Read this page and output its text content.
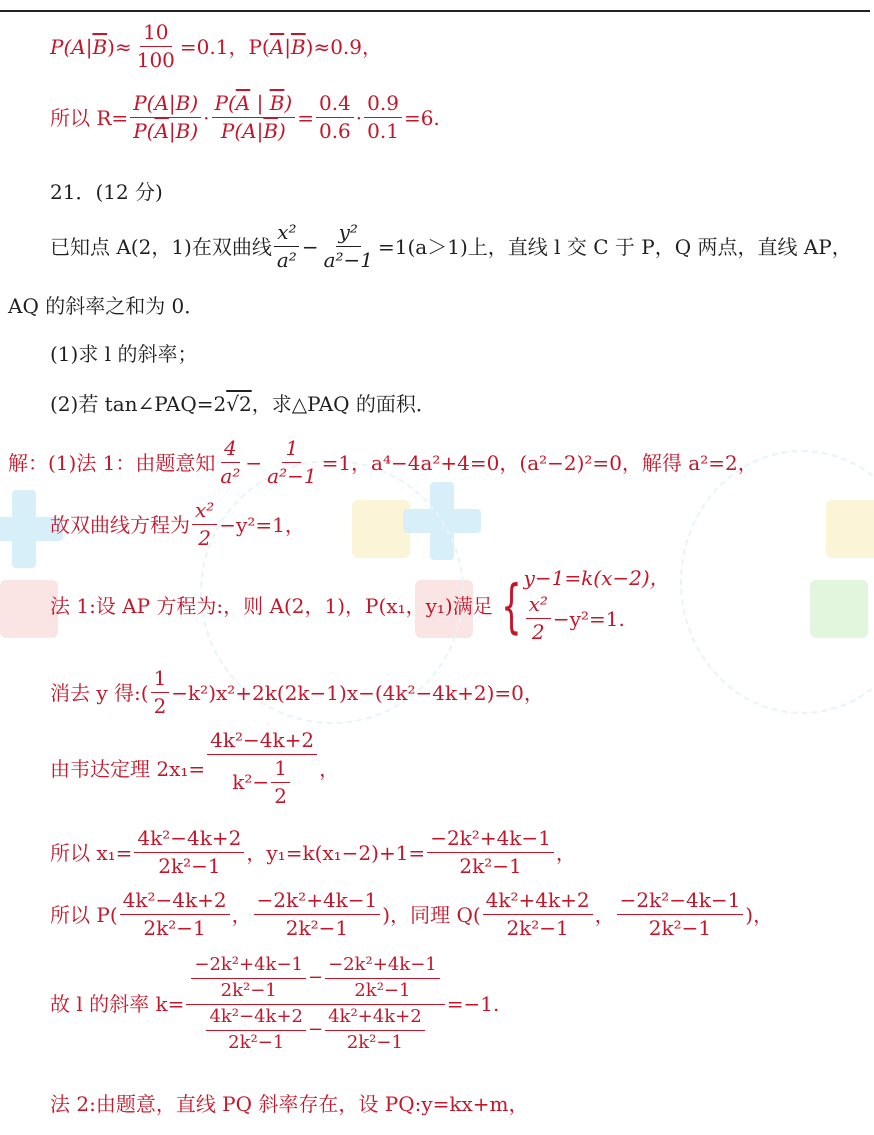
P(A| $\overline{B}$ )≈ $\frac{10}{100} =0.1$，P( $\overline{A}$ | $\overline{B}$ )≈0.9，
所以 $R= \frac{P(A|B)}{P(\overline{A}|B)} \cdot \frac{P(\overline{A} | \overline{B})}{P(A|\overline{B})} = \frac{0.4}{0.6} \cdot \frac{0.9}{0.1} =6$.
21．(12 分)
已知点 A(2，1)在双曲线 $\frac{\text{x²}}{\text{a²}} - \frac{\text{y²}}{\text{a²−1}} =1(a>1)$上，直线 l 交 C 于 P，Q 两点，直线 AP，
AQ 的斜率之和为 0．
(1)求 l 的斜率；
(2)若 tan∠PAQ=2 √2 ，求△PAQ 的面积．
解：(1)法 1：由题意知 $\frac{4}{\text{a²}} - \frac{1}{\text{a²−1}} =1$，a⁴−4a²+4=0，(a²−2)²=0，解得 a²=2，
故双曲线方程为 $\frac{\text{x²}}{2} -y^2=1$，
法 1:设 AP 方程为:，则 A(2，1)，P(x₁，y₁)满足 { y−1=k(x−2)，
$\frac{\text{x²}}{2} -y^2=1$.
消去 y 得:( $\frac{1}{2} -k^2)x^2+2k(2k-1)x-(4k^2-4k+2)=0$，
由韦达定理 $2x_1= \frac{\text{4k²−4k+2}}{k^2- \frac{1}{2}}$ ，
所以 $x_1= \frac{\text{4k²−4k+2}}{\text{2k²−1}}$ ，$y_1=k(x_1-2)+1= \frac{\text{−2k²+4k−1}}{\text{2k²−1}}$ ，
所以 $P( \frac{\text{4k²−4k+2}}{\text{2k²−1}}$ ， $\frac{\text{−2k²+4k−1}}{\text{2k²−1}}$ )，同理 $Q( \frac{\text{4k²+4k+2}}{\text{2k²−1}}$ ， $\frac{\text{−2k²−4k−1}}{\text{2k²−1}}$ )，
故 l 的斜率 k=
$\frac{\text{−2k²+4k−1}}{\text{2k²−1}} - \frac{\text{−2k²+4k−1}}{\text{2k²−1}}$
$\frac{\text{4k²−4k+2}}{\text{2k²−1}} - \frac{\text{4k²+4k+2}}{\text{2k²−1}}$
=−1.
法 2:由题意，直线 PQ 斜率存在，设 PQ:y=kx+m，
